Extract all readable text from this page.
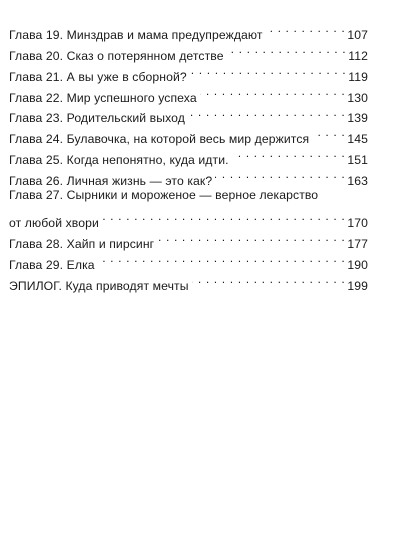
Глава 19. Минздрав и мама предупреждают . . .	107
Глава 20. Сказ о потерянном детстве . . .	112
Глава 21. А вы уже в сборной? . . .	119
Глава 22. Мир успешного успеха . . .	130
Глава 23. Родительский выход . . .	139
Глава 24. Булавочка, на которой весь мир держится . . .	145
Глава 25. Когда непонятно, куда идти. . . .	151
Глава 26. Личная жизнь — это как? . . .	163
Глава 27. Сырники и мороженое — верное лекарство
от любой хвори . . .	170
Глава 28. Хайп и пирсинг . . .	177
Глава 29. Елка . . .	190
ЭПИЛОГ. Куда приводят мечты . . .	199
